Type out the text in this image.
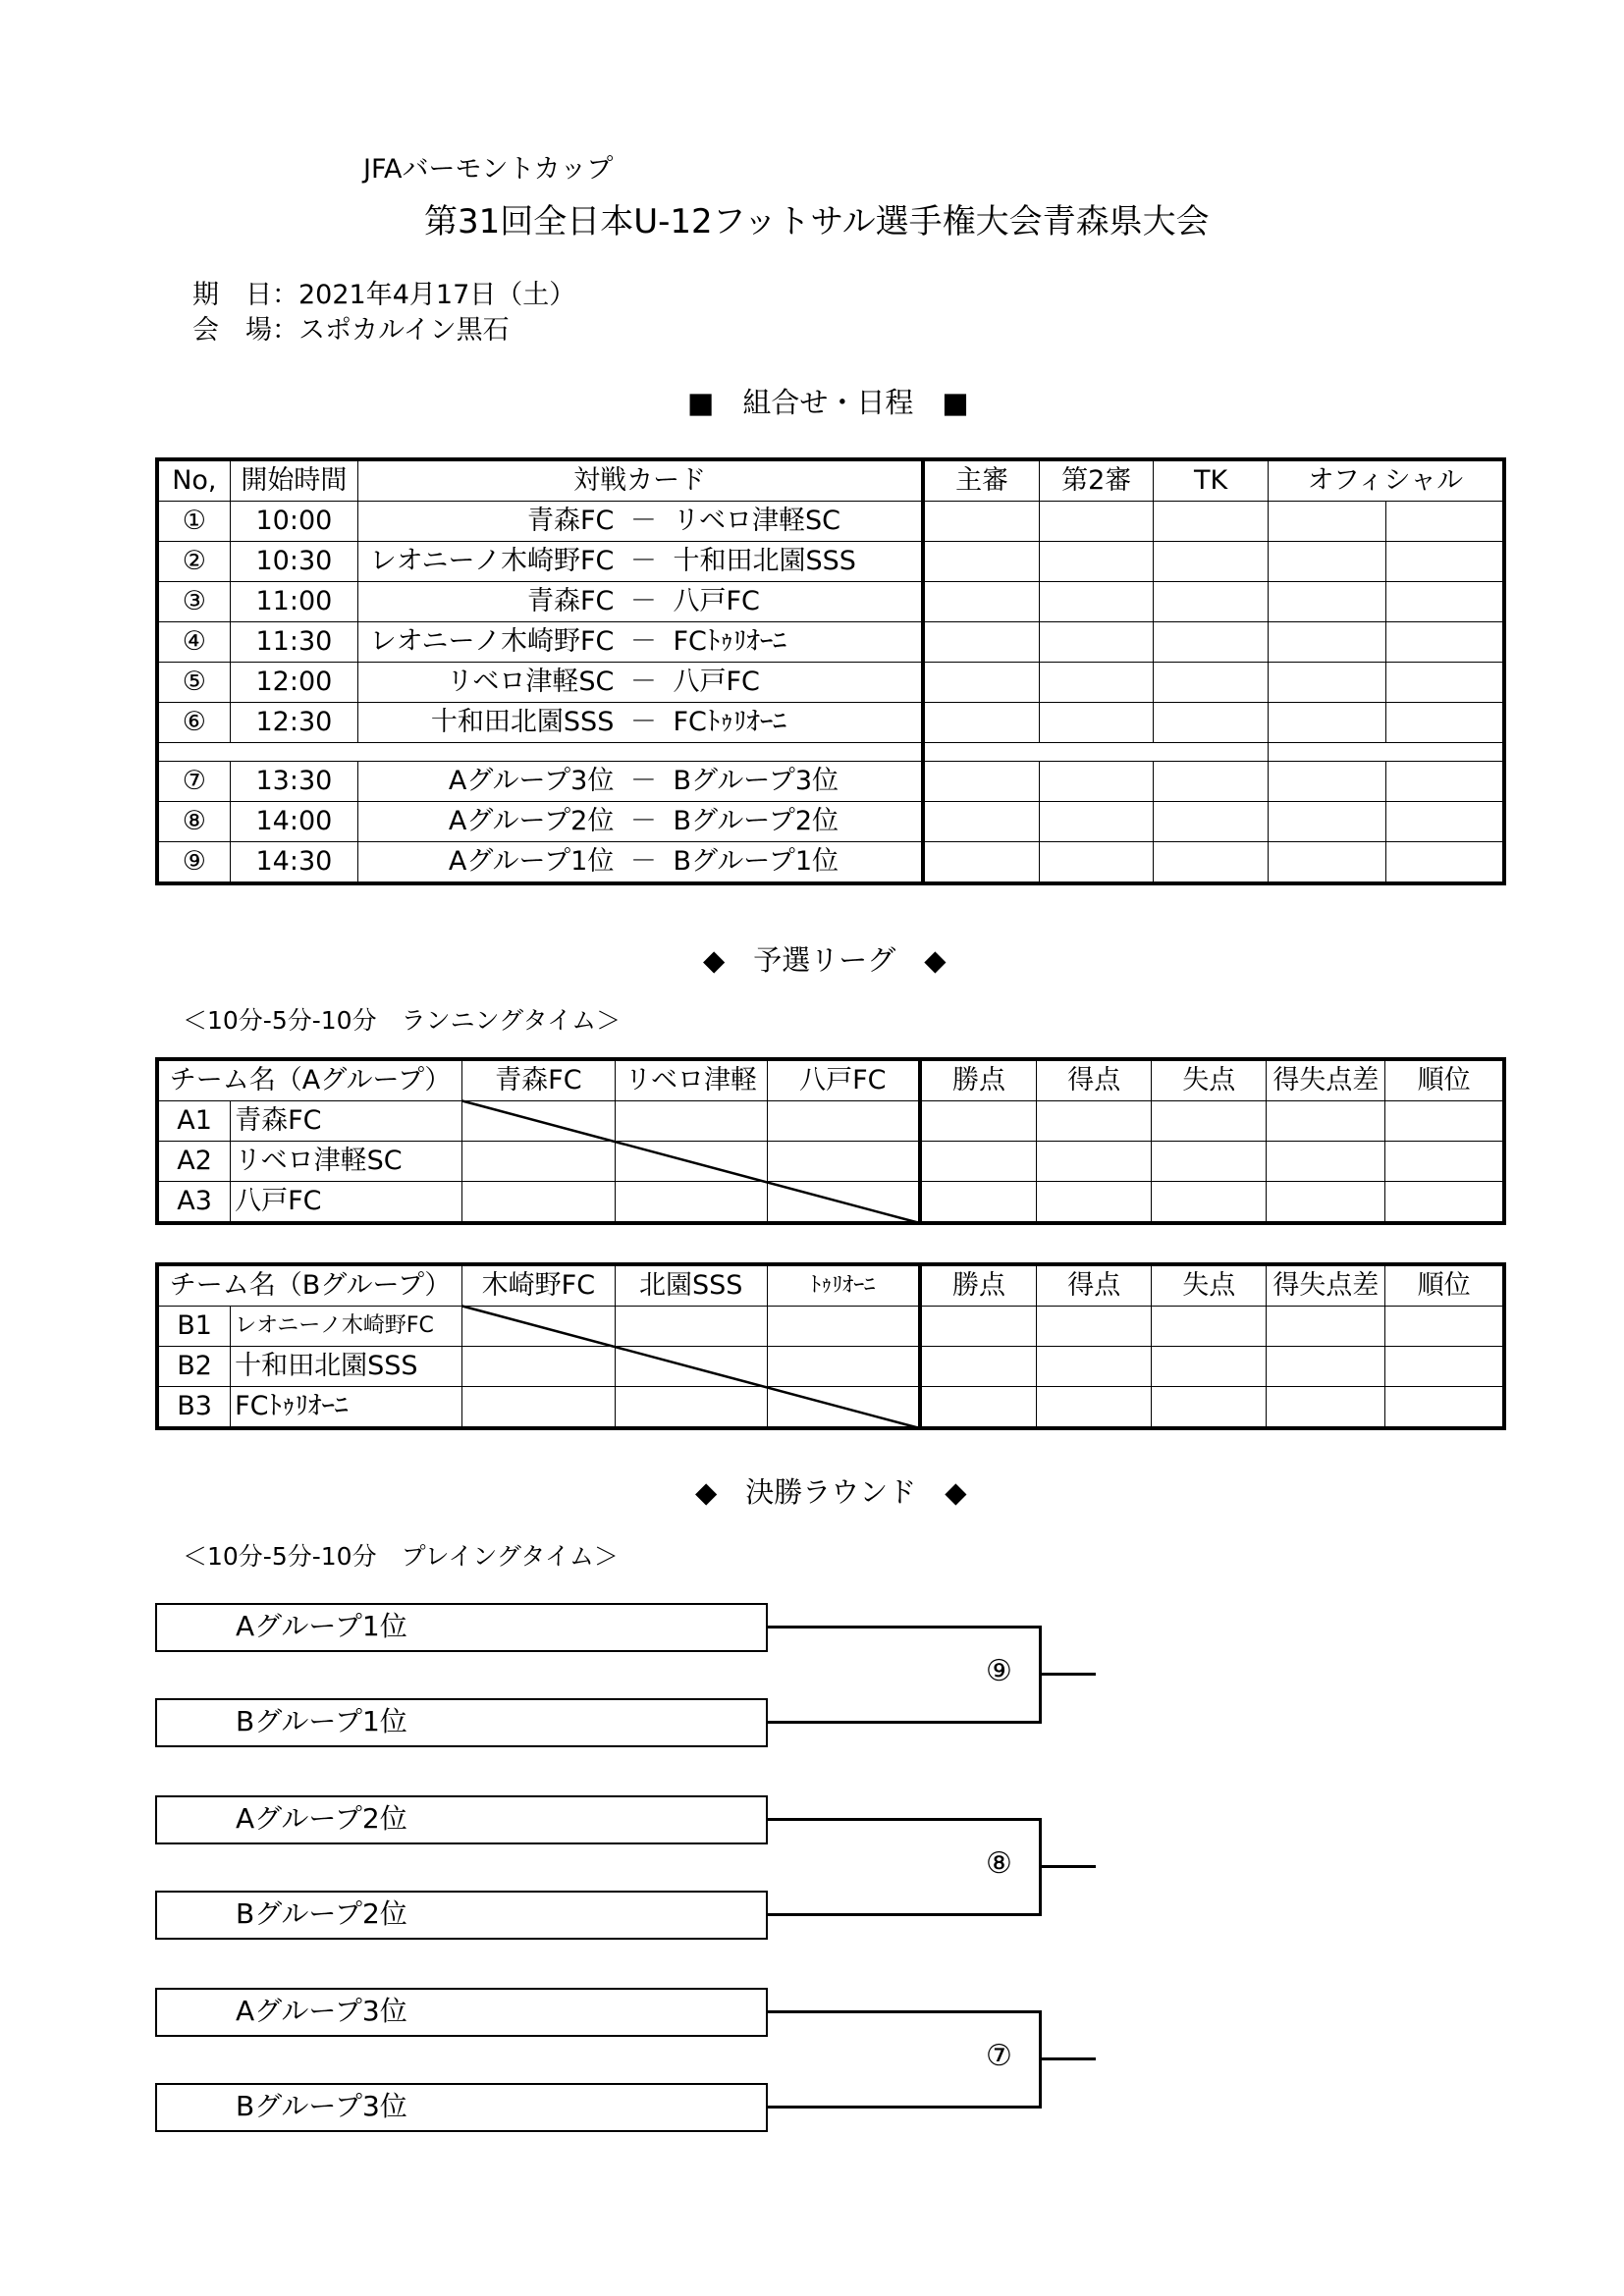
JFAバーモントカップ
第31回全日本U-12フットサル選手権大会青森県大会
期　日：2021年4月17日（土）
会　場：スポカルイン黒石
■　組合せ・日程　■
No,	開始時間	対戦カード			主審	第2審	TK	オフィシャル	
①	10:00	青森FC	－	リベロ津軽SC					
②	10:30	レオニーノ木崎野FC	－	十和田北園SSS					
③	11:00	青森FC	－	八戸FC					
④	11:30	レオニーノ木崎野FC	－	FCﾄｩﾘｵｰﾆ					
⑤	12:00	リベロ津軽SC	－	八戸FC					
⑥	12:30	十和田北園SSS	－	FCﾄｩﾘｵｰﾆ					

⑦	13:30	Aグループ3位	－	Bグループ3位					
⑧	14:00	Aグループ2位	－	Bグループ2位					
⑨	14:30	Aグループ1位	－	Bグループ1位					
◆　予選リーグ　◆
＜10分-5分-10分　ランニングタイム＞
チーム名（Aグループ）		青森FC	リベロ津軽	八戸FC	勝点	得点	失点	得失点差	順位
A1	青森FC								
A2	リベロ津軽SC								
A3	八戸FC								
チーム名（Bグループ）		木崎野FC	北園SSS	ﾄｩﾘｵｰﾆ	勝点	得点	失点	得失点差	順位
B1	レオニーノ木崎野FC								
B2	十和田北園SSS								
B3	FCﾄｩﾘｵｰﾆ								
◆　決勝ラウンド　◆
＜10分-5分-10分　プレイングタイム＞
Aグループ1位
Bグループ1位
⑨
Aグループ2位
Bグループ2位
⑧
Aグループ3位
Bグループ3位
⑦
